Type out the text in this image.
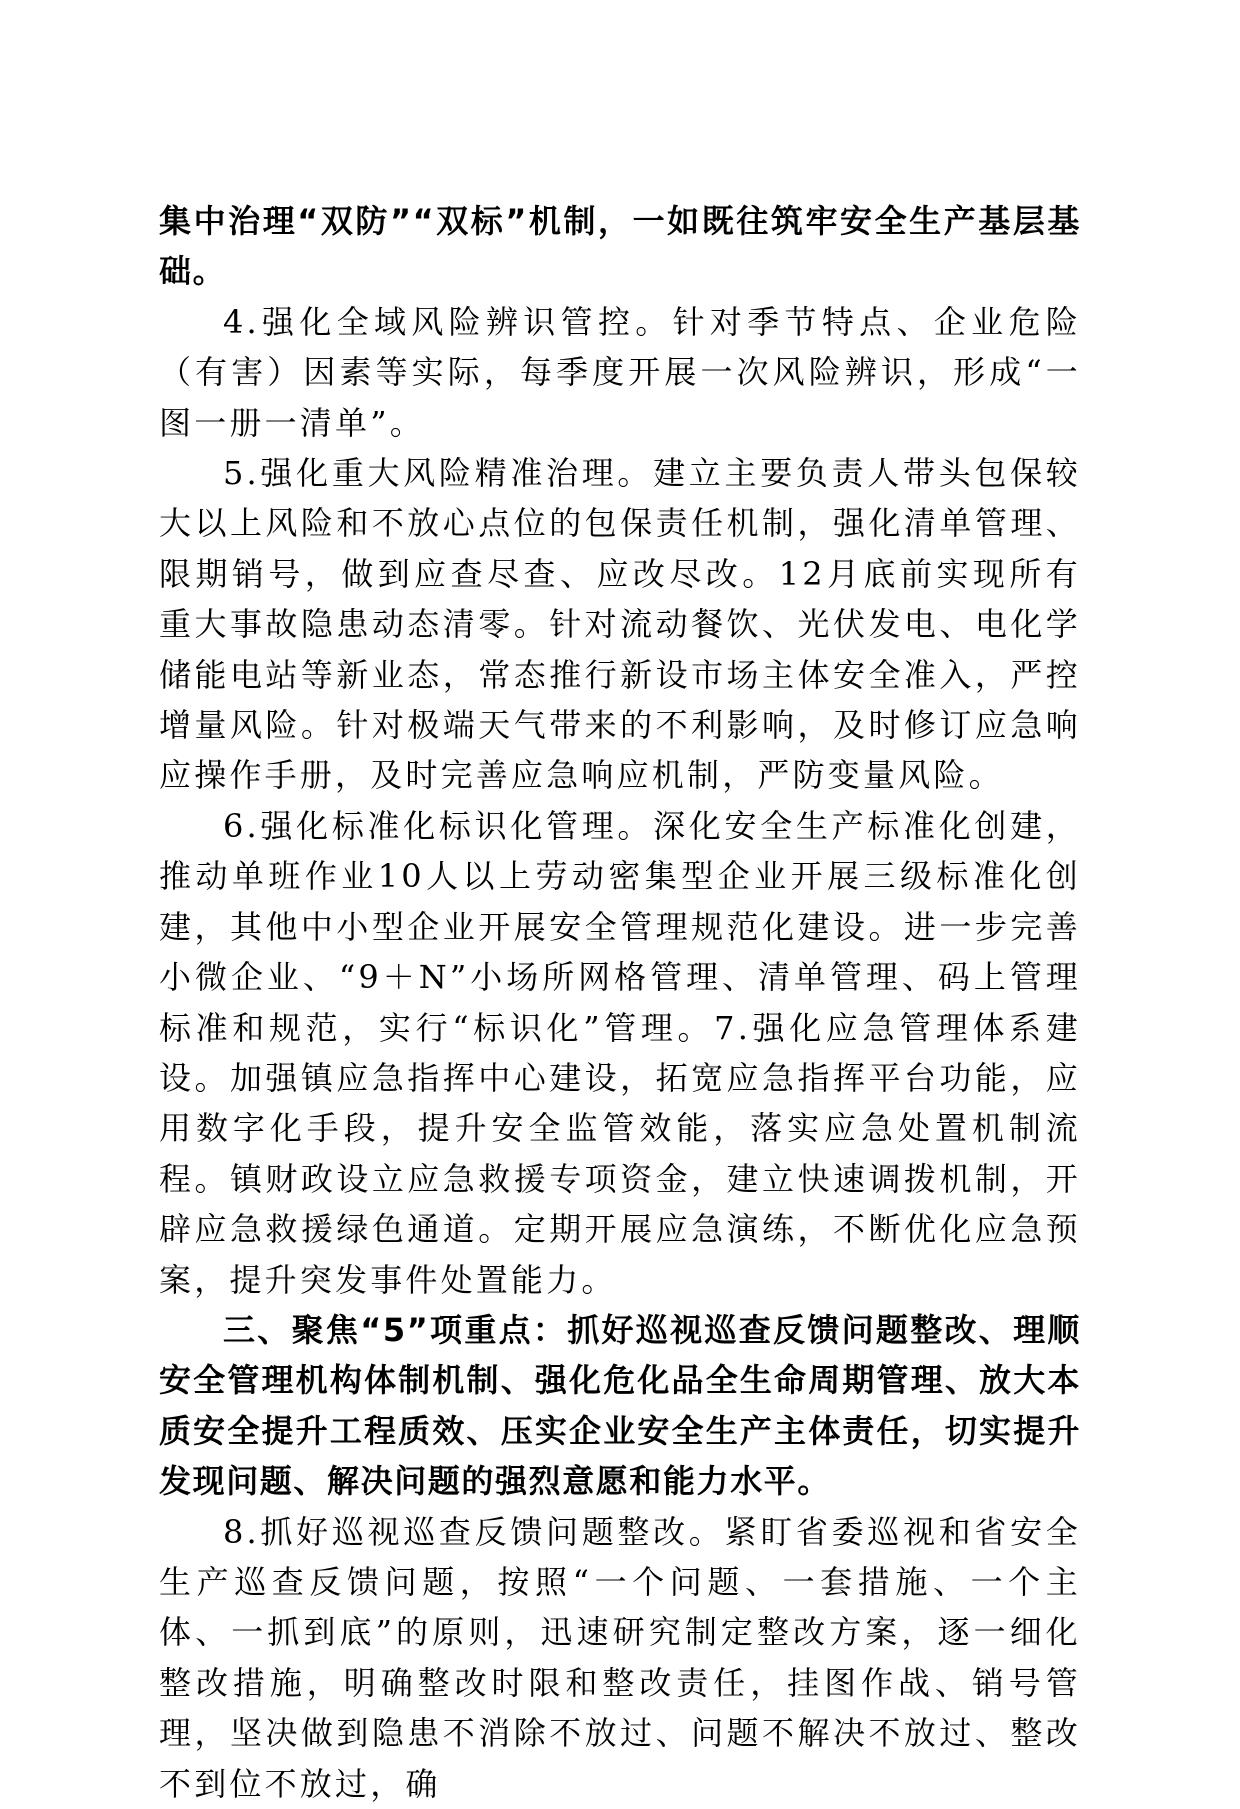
集中治理“双防”“双标”机制，一如既往筑牢安全生产基层基础。

4.强化全域风险辨识管控。针对季节特点、企业危险（有害）因素等实际，每季度开展一次风险辨识，形成“一图一册一清单”。

5.强化重大风险精准治理。建立主要负责人带头包保较大以上风险和不放心点位的包保责任机制，强化清单管理、限期销号，做到应查尽查、应改尽改。12月底前实现所有重大事故隐患动态清零。针对流动餐饮、光伏发电、电化学储能电站等新业态，常态推行新设市场主体安全准入，严控增量风险。针对极端天气带来的不利影响，及时修订应急响应操作手册，及时完善应急响应机制，严防变量风险。

6.强化标准化标识化管理。深化安全生产标准化创建，推动单班作业10人以上劳动密集型企业开展三级标准化创建，其他中小型企业开展安全管理规范化建设。进一步完善小微企业、“9＋N”小场所网格管理、清单管理、码上管理标准和规范，实行“标识化”管理。7.强化应急管理体系建设。加强镇应急指挥中心建设，拓宽应急指挥平台功能，应用数字化手段，提升安全监管效能，落实应急处置机制流程。镇财政设立应急救援专项资金，建立快速调拨机制，开辟应急救援绿色通道。定期开展应急演练，不断优化应急预案，提升突发事件处置能力。

三、聚焦“5”项重点：抓好巡视巡查反馈问题整改、理顺安全管理机构体制机制、强化危化品全生命周期管理、放大本质安全提升工程质效、压实企业安全生产主体责任，切实提升发现问题、解决问题的强烈意愿和能力水平。

8.抓好巡视巡查反馈问题整改。紧盯省委巡视和省安全生产巡查反馈问题，按照“一个问题、一套措施、一个主体、一抓到底”的原则，迅速研究制定整改方案，逐一细化整改措施，明确整改时限和整改责任，挂图作战、销号管理，坚决做到隐患不消除不放过、问题不解决不放过、整改不到位不放过，确
